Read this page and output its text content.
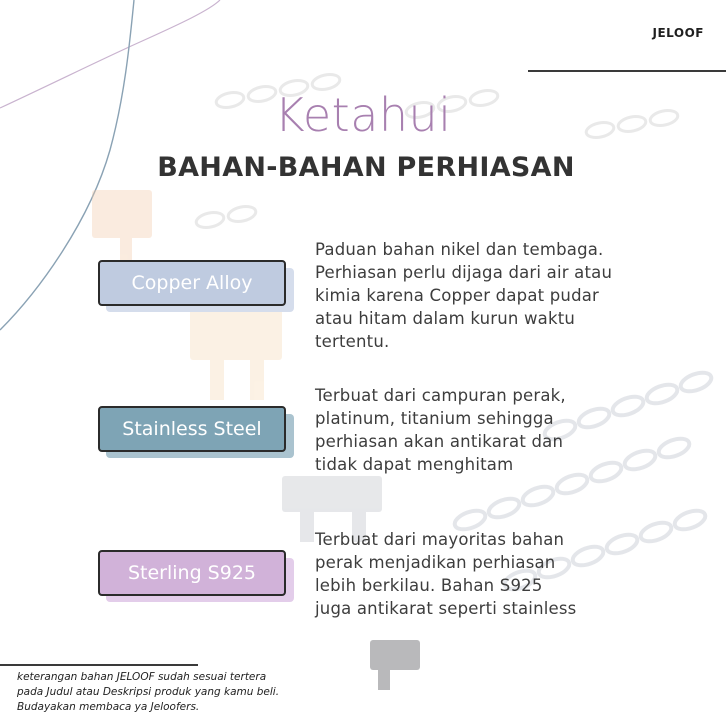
JELOOF
Ketahui
BAHAN-BAHAN PERHIASAN
Copper Alloy
Paduan bahan nikel dan tembaga.
Perhiasan perlu dijaga dari air atau
kimia karena Copper dapat pudar
atau hitam dalam kurun waktu
tertentu.
Stainless Steel
Terbuat dari campuran perak,
platinum, titanium sehingga
perhiasan akan antikarat dan
tidak dapat menghitam
Sterling S925
Terbuat dari mayoritas bahan
perak menjadikan perhiasan
lebih berkilau. Bahan S925
juga antikarat seperti stainless
keterangan bahan JELOOF sudah sesuai tertera
pada Judul atau Deskripsi produk yang kamu beli.
Budayakan membaca ya Jeloofers.
